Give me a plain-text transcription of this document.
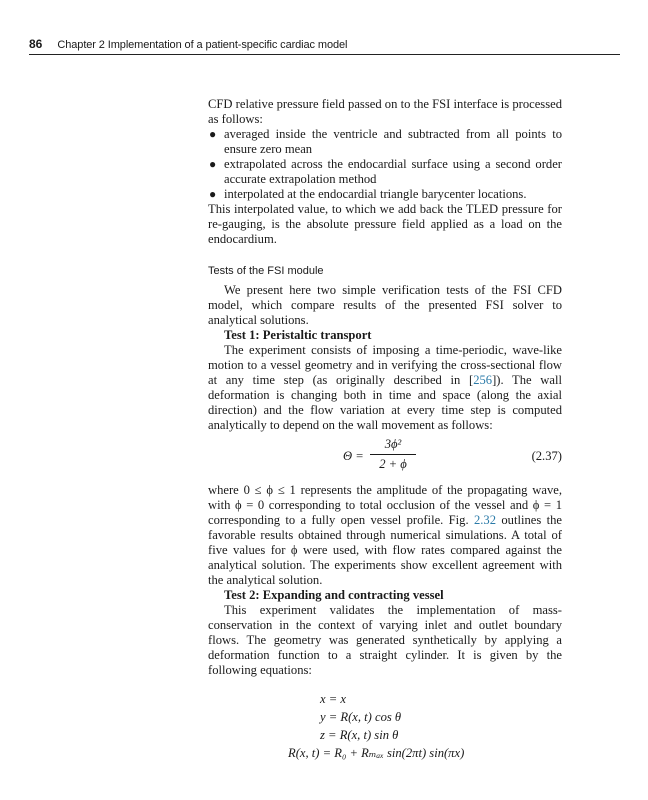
86 Chapter 2 Implementation of a patient-specific cardiac model

CFD relative pressure field passed on to the FSI interface is processed as follows:

● averaged inside the ventricle and subtracted from all points to ensure zero mean
● extrapolated across the endocardial surface using a second order accurate extrapolation method
● interpolated at the endocardial triangle barycenter locations.

This interpolated value, to which we add back the TLED pressure for re-gauging, is the absolute pressure field applied as a load on the endocardium.

Tests of the FSI module

We present here two simple verification tests of the FSI CFD model, which compare results of the presented FSI solver to analytical solutions.

Test 1: Peristaltic transport

The experiment consists of imposing a time-periodic, wave-like motion to a vessel geometry and in verifying the cross-sectional flow at any time step (as originally described in [256]). The wall deformation is changing both in time and space (along the axial direction) and the flow variation at every time step is computed analytically to depend on the wall movement as follows:

Θ =
3ϕ²
2 + ϕ
(2.37)

where 0 ≤ ϕ ≤ 1 represents the amplitude of the propagating wave, with ϕ = 0 corresponding to total occlusion of the vessel and ϕ = 1 corresponding to a fully open vessel profile. Fig. 2.32 outlines the favorable results obtained through numerical simulations. A total of five values for ϕ were used, with flow rates compared against the analytical solution. The experiments show excellent agreement with the analytical solution.

Test 2: Expanding and contracting vessel

This experiment validates the implementation of mass-conservation in the context of varying inlet and outlet boundary flows. The geometry was generated synthetically by applying a deformation function to a straight cylinder. It is given by the following equations:

x = x
y = R(x, t) cos θ
z = R(x, t) sin θ
R(x, t) = R₀ + Rₘₐₓ sin(2πt) sin(πx)
